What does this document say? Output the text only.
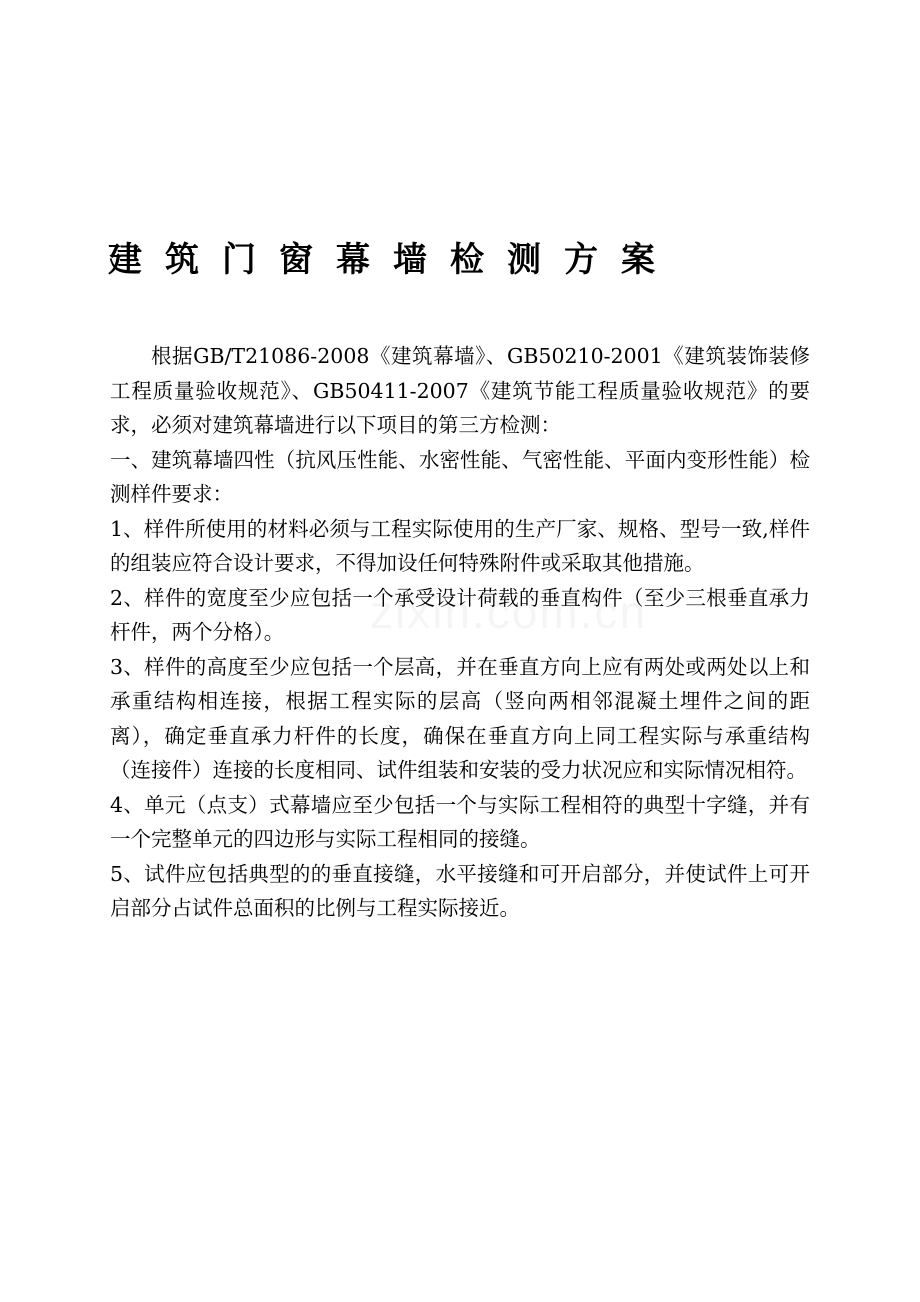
建筑门窗幕墙检测方案

根据GB/T21086-2008《建筑幕墙》、GB50210-2001《建筑装饰装修工程质量验收规范》、GB50411-2007《建筑节能工程质量验收规范》的要求，必须对建筑幕墙进行以下项目的第三方检测：

一、建筑幕墙四性（抗风压性能、水密性能、气密性能、平面内变形性能）检测样件要求：

1、样件所使用的材料必须与工程实际使用的生产厂家、规格、型号一致,样件的组装应符合设计要求，不得加设任何特殊附件或采取其他措施。

2、样件的宽度至少应包括一个承受设计荷载的垂直构件（至少三根垂直承力杆件，两个分格）。

3、样件的高度至少应包括一个层高，并在垂直方向上应有两处或两处以上和承重结构相连接，根据工程实际的层高（竖向两相邻混凝土埋件之间的距离），确定垂直承力杆件的长度，确保在垂直方向上同工程实际与承重结构（连接件）连接的长度相同、试件组装和安装的受力状况应和实际情况相符。

4、单元（点支）式幕墙应至少包括一个与实际工程相符的典型十字缝，并有一个完整单元的四边形与实际工程相同的接缝。

5、试件应包括典型的的垂直接缝，水平接缝和可开启部分，并使试件上可开启部分占试件总面积的比例与工程实际接近。
